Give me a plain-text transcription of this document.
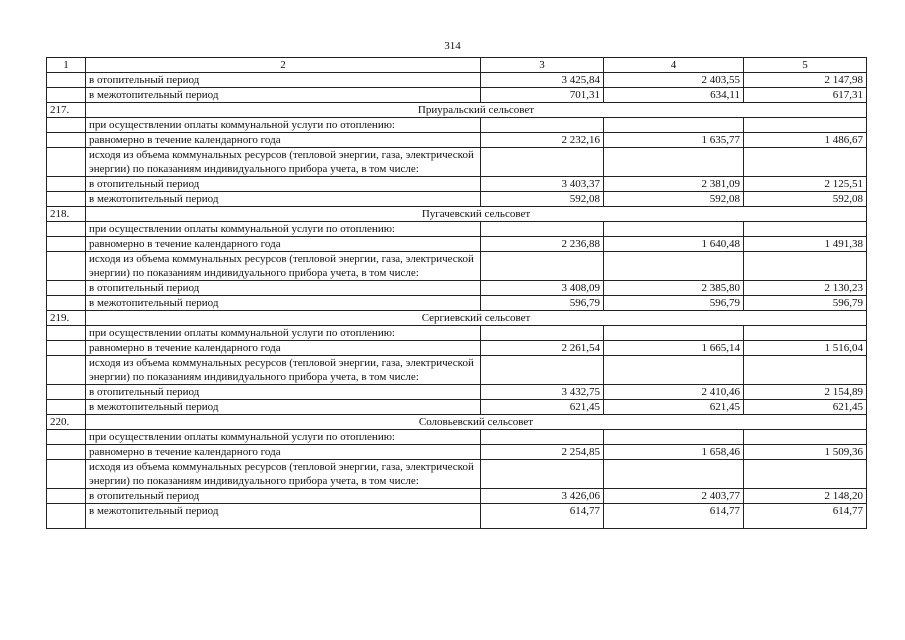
314
1	2	3	4	5
	в отопительный период	3 425,84	2 403,55	2 147,98
	в межотопительный период	701,31	634,11	617,31
217.	Приуральский сельсовет			
	при осуществлении оплаты коммунальной услуги по отоплению:			
	равномерно в течение календарного года	2 232,16	1 635,77	1 486,67
	исходя из объема коммунальных ресурсов (тепловой энергии, газа, электрической энергии) по показаниям индивидуального прибора учета, в том числе:			
	в отопительный период	3 403,37	2 381,09	2 125,51
	в межотопительный период	592,08	592,08	592,08
218.	Пугачевский сельсовет			
	при осуществлении оплаты коммунальной услуги по отоплению:			
	равномерно в течение календарного года	2 236,88	1 640,48	1 491,38
	исходя из объема коммунальных ресурсов (тепловой энергии, газа, электрической энергии) по показаниям индивидуального прибора учета, в том числе:			
	в отопительный период	3 408,09	2 385,80	2 130,23
	в межотопительный период	596,79	596,79	596,79
219.	Сергиевский сельсовет			
	при осуществлении оплаты коммунальной услуги по отоплению:			
	равномерно в течение календарного года	2 261,54	1 665,14	1 516,04
	исходя из объема коммунальных ресурсов (тепловой энергии, газа, электрической энергии) по показаниям индивидуального прибора учета, в том числе:			
	в отопительный период	3 432,75	2 410,46	2 154,89
	в межотопительный период	621,45	621,45	621,45
220.	Соловьевский сельсовет			
	при осуществлении оплаты коммунальной услуги по отоплению:			
	равномерно в течение календарного года	2 254,85	1 658,46	1 509,36
	исходя из объема коммунальных ресурсов (тепловой энергии, газа, электрической энергии) по показаниям индивидуального прибора учета, в том числе:			
	в отопительный период	3 426,06	2 403,77	2 148,20
	в межотопительный период	614,77	614,77	614,77
